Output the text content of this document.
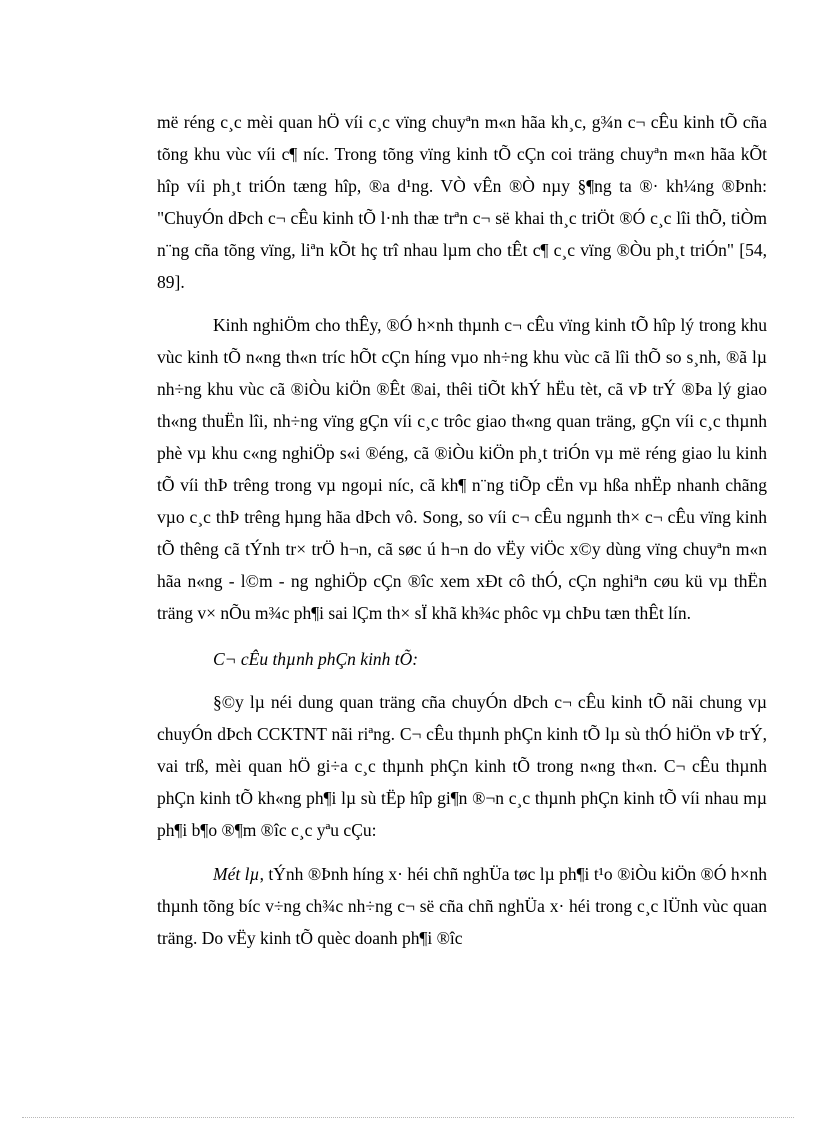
më réng c¸c mèi quan hÖ víi c¸c vïng chuyªn m«n hãa kh¸c, g¾n c¬ cÊu kinh tÕ cña tõng khu vùc víi c¶ níc. Trong tõng vïng kinh tÕ cÇn coi träng chuyªn m«n hãa kÕt hîp víi ph¸t triÓn tæng hîp, ®a d¹ng. VÒ vÊn ®Ò nµy §¶ng ta ®· kh¼ng ®Þnh: "ChuyÓn dÞch c¬ cÊu kinh tÕ l·nh thæ trªn c¬ së khai th¸c triÖt ®Ó c¸c lîi thÕ, tiÒm n¨ng cña tõng vïng, liªn kÕt hç trî nhau lµm cho tÊt c¶ c¸c vïng ®Òu ph¸t triÓn" [54, 89].

Kinh nghiÖm cho thÊy, ®Ó h×nh thµnh c¬ cÊu vïng kinh tÕ hîp lý trong khu vùc kinh tÕ n«ng th«n tríc hÕt cÇn híng vµo nh÷ng khu vùc cã lîi thÕ so s¸nh, ®ã lµ nh÷ng khu vùc cã ®iÒu kiÖn ®Êt ®ai, thêi tiÕt khÝ hËu tèt, cã vÞ trÝ ®Þa lý giao th«ng thuËn lîi, nh÷ng vïng gÇn víi c¸c trôc giao th«ng quan träng, gÇn víi c¸c thµnh phè vµ khu c«ng nghiÖp s«i ®éng, cã ®iÒu kiÖn ph¸t triÓn vµ më réng giao lu kinh tÕ víi thÞ trêng trong vµ ngoµi níc, cã kh¶ n¨ng tiÕp cËn vµ hßa nhËp nhanh chãng vµo c¸c thÞ trêng hµng hãa dÞch vô. Song, so víi c¬ cÊu ngµnh th× c¬ cÊu vïng kinh tÕ thêng cã tÝnh tr× trÖ h¬n, cã søc ú h¬n do vËy viÖc x©y dùng vïng chuyªn m«n hãa n«ng - l©m - ng nghiÖp cÇn ®îc xem xÐt cô thÓ, cÇn nghiªn cøu kü vµ thËn träng v× nÕu m¾c ph¶i sai lÇm th× sÏ khã kh¾c phôc vµ chÞu tæn thÊt lín.

C¬ cÊu thµnh phÇn kinh tÕ:

§©y lµ néi dung quan träng cña chuyÓn dÞch c¬ cÊu kinh tÕ nãi chung vµ chuyÓn dÞch CCKTNT nãi riªng. C¬ cÊu thµnh phÇn kinh tÕ lµ sù thÓ hiÖn vÞ trÝ, vai trß, mèi quan hÖ gi÷a c¸c thµnh phÇn kinh tÕ trong n«ng th«n. C¬ cÊu thµnh phÇn kinh tÕ kh«ng ph¶i lµ sù tËp hîp gi¶n ®¬n c¸c thµnh phÇn kinh tÕ víi nhau mµ ph¶i b¶o ®¶m ®îc c¸c yªu cÇu:

Mét lµ, tÝnh ®Þnh híng x· héi chñ nghÜa tøc lµ ph¶i t¹o ®iÒu kiÖn ®Ó h×nh thµnh tõng bíc v÷ng ch¾c nh÷ng c¬ së cña chñ nghÜa x· héi trong c¸c lÜnh vùc quan träng. Do vËy kinh tÕ quèc doanh ph¶i ®îc
